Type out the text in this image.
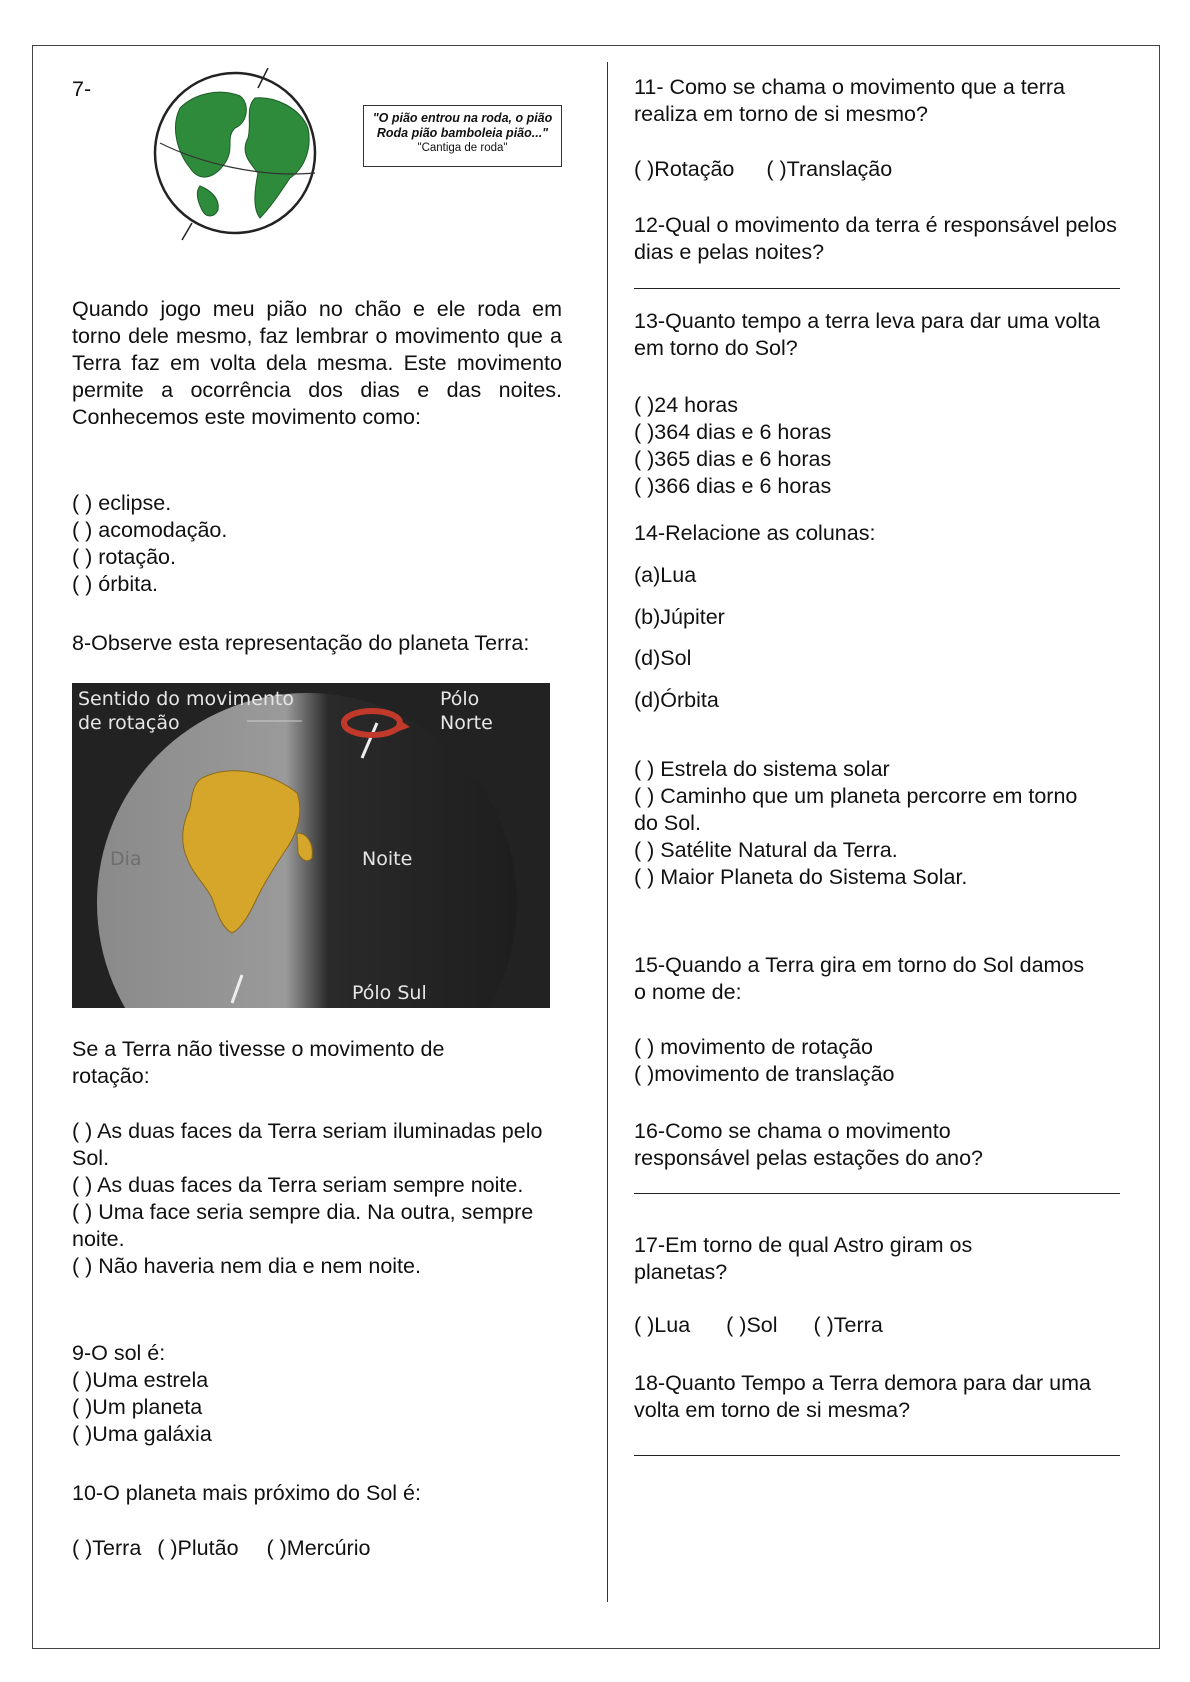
7-
"O pião entrou na roda, o pião
Roda pião bamboleia pião..."
"Cantiga de roda"

Quando jogo meu pião no chão e ele roda em torno dele mesmo, faz lembrar o movimento que a Terra faz em volta dela mesma. Este movimento permite a ocorrência dos dias e das noites. Conhecemos este movimento como:

( ) eclipse.
( ) acomodação.
( ) rotação.
( ) órbita.

8-Observe esta representação do planeta Terra:

Sentido do movimento
de rotação
Pólo
Norte
Dia	Noite
Pólo Sul

Se a Terra não tivesse o movimento de rotação:

( ) As duas faces da Terra seriam iluminadas pelo Sol.
( ) As duas faces da Terra seriam sempre noite.
( ) Uma face seria sempre dia. Na outra, sempre noite.
( ) Não haveria nem dia e nem noite.
9-O sol é:
( )Uma estrela
( )Um planeta
( )Uma galáxia

10-O planeta mais próximo do Sol é:

( )Terra ( )Plutão ( )Mercúrio

11- Como se chama o movimento que a terra realiza em torno de si mesmo?

( )Rotação ( )Translação

12-Qual o movimento da terra é responsável pelos dias e pelas noites?

13-Quanto tempo a terra leva para dar uma volta em torno do Sol?

( )24 horas
( )364 dias e 6 horas
( )365 dias e 6 horas
( )366 dias e 6 horas

14-Relacione as colunas:

(a)Lua
(b)Júpiter
(d)Sol
(d)Órbita
( ) Estrela do sistema solar
( ) Caminho que um planeta percorre em torno do Sol.
( ) Satélite Natural da Terra.
( ) Maior Planeta do Sistema Solar.

15-Quando a Terra gira em torno do Sol damos o nome de:

( ) movimento de rotação
( )movimento de translação

16-Como se chama o movimento responsável pelas estações do ano?

17-Em torno de qual Astro giram os planetas?

( )Lua ( )Sol ( )Terra

18-Quanto Tempo a Terra demora para dar uma volta em torno de si mesma?
